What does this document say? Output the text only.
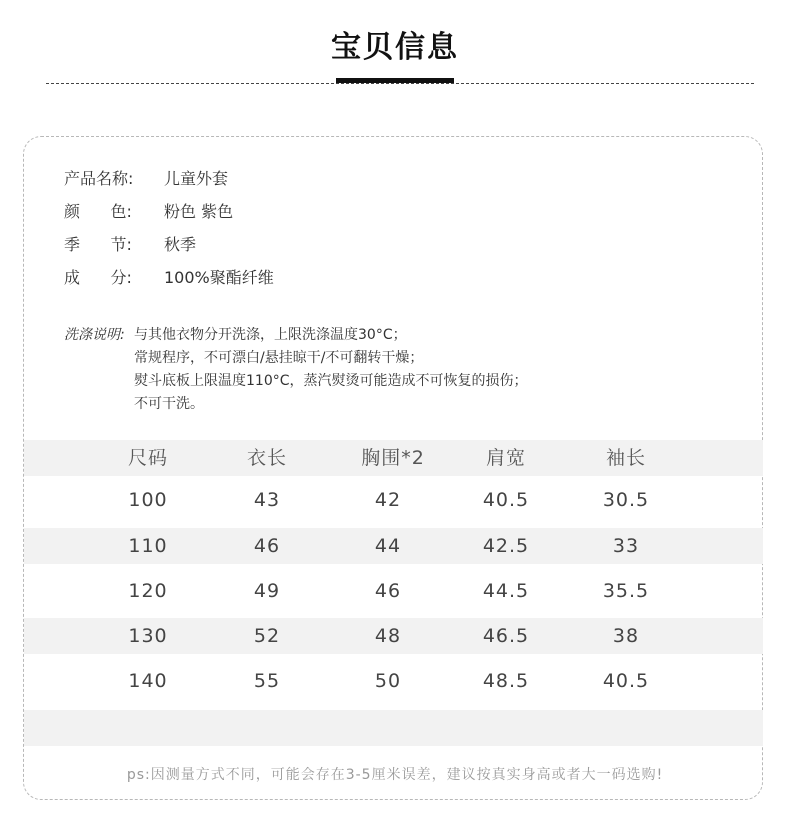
宝贝信息
产品名称:	儿童外套
颜      色:	粉色 紫色
季      节:	秋季
成      分:	100%聚酯纤维
洗涤说明: 与其他衣物分开洗涤，上限洗涤温度30°C；
常规程序，不可漂白/悬挂晾干/不可翻转干燥；
熨斗底板上限温度110°C，蒸汽熨烫可能造成不可恢复的损伤；
不可干洗。
尺码	衣长	胸围*2	肩宽	袖长
100	43	42	40.5	30.5
110	46	44	42.5	33
120	49	46	44.5	35.5
130	52	48	46.5	38
140	55	50	48.5	40.5
ps:因测量方式不同，可能会存在3-5厘米误差，建议按真实身高或者大一码选购!
